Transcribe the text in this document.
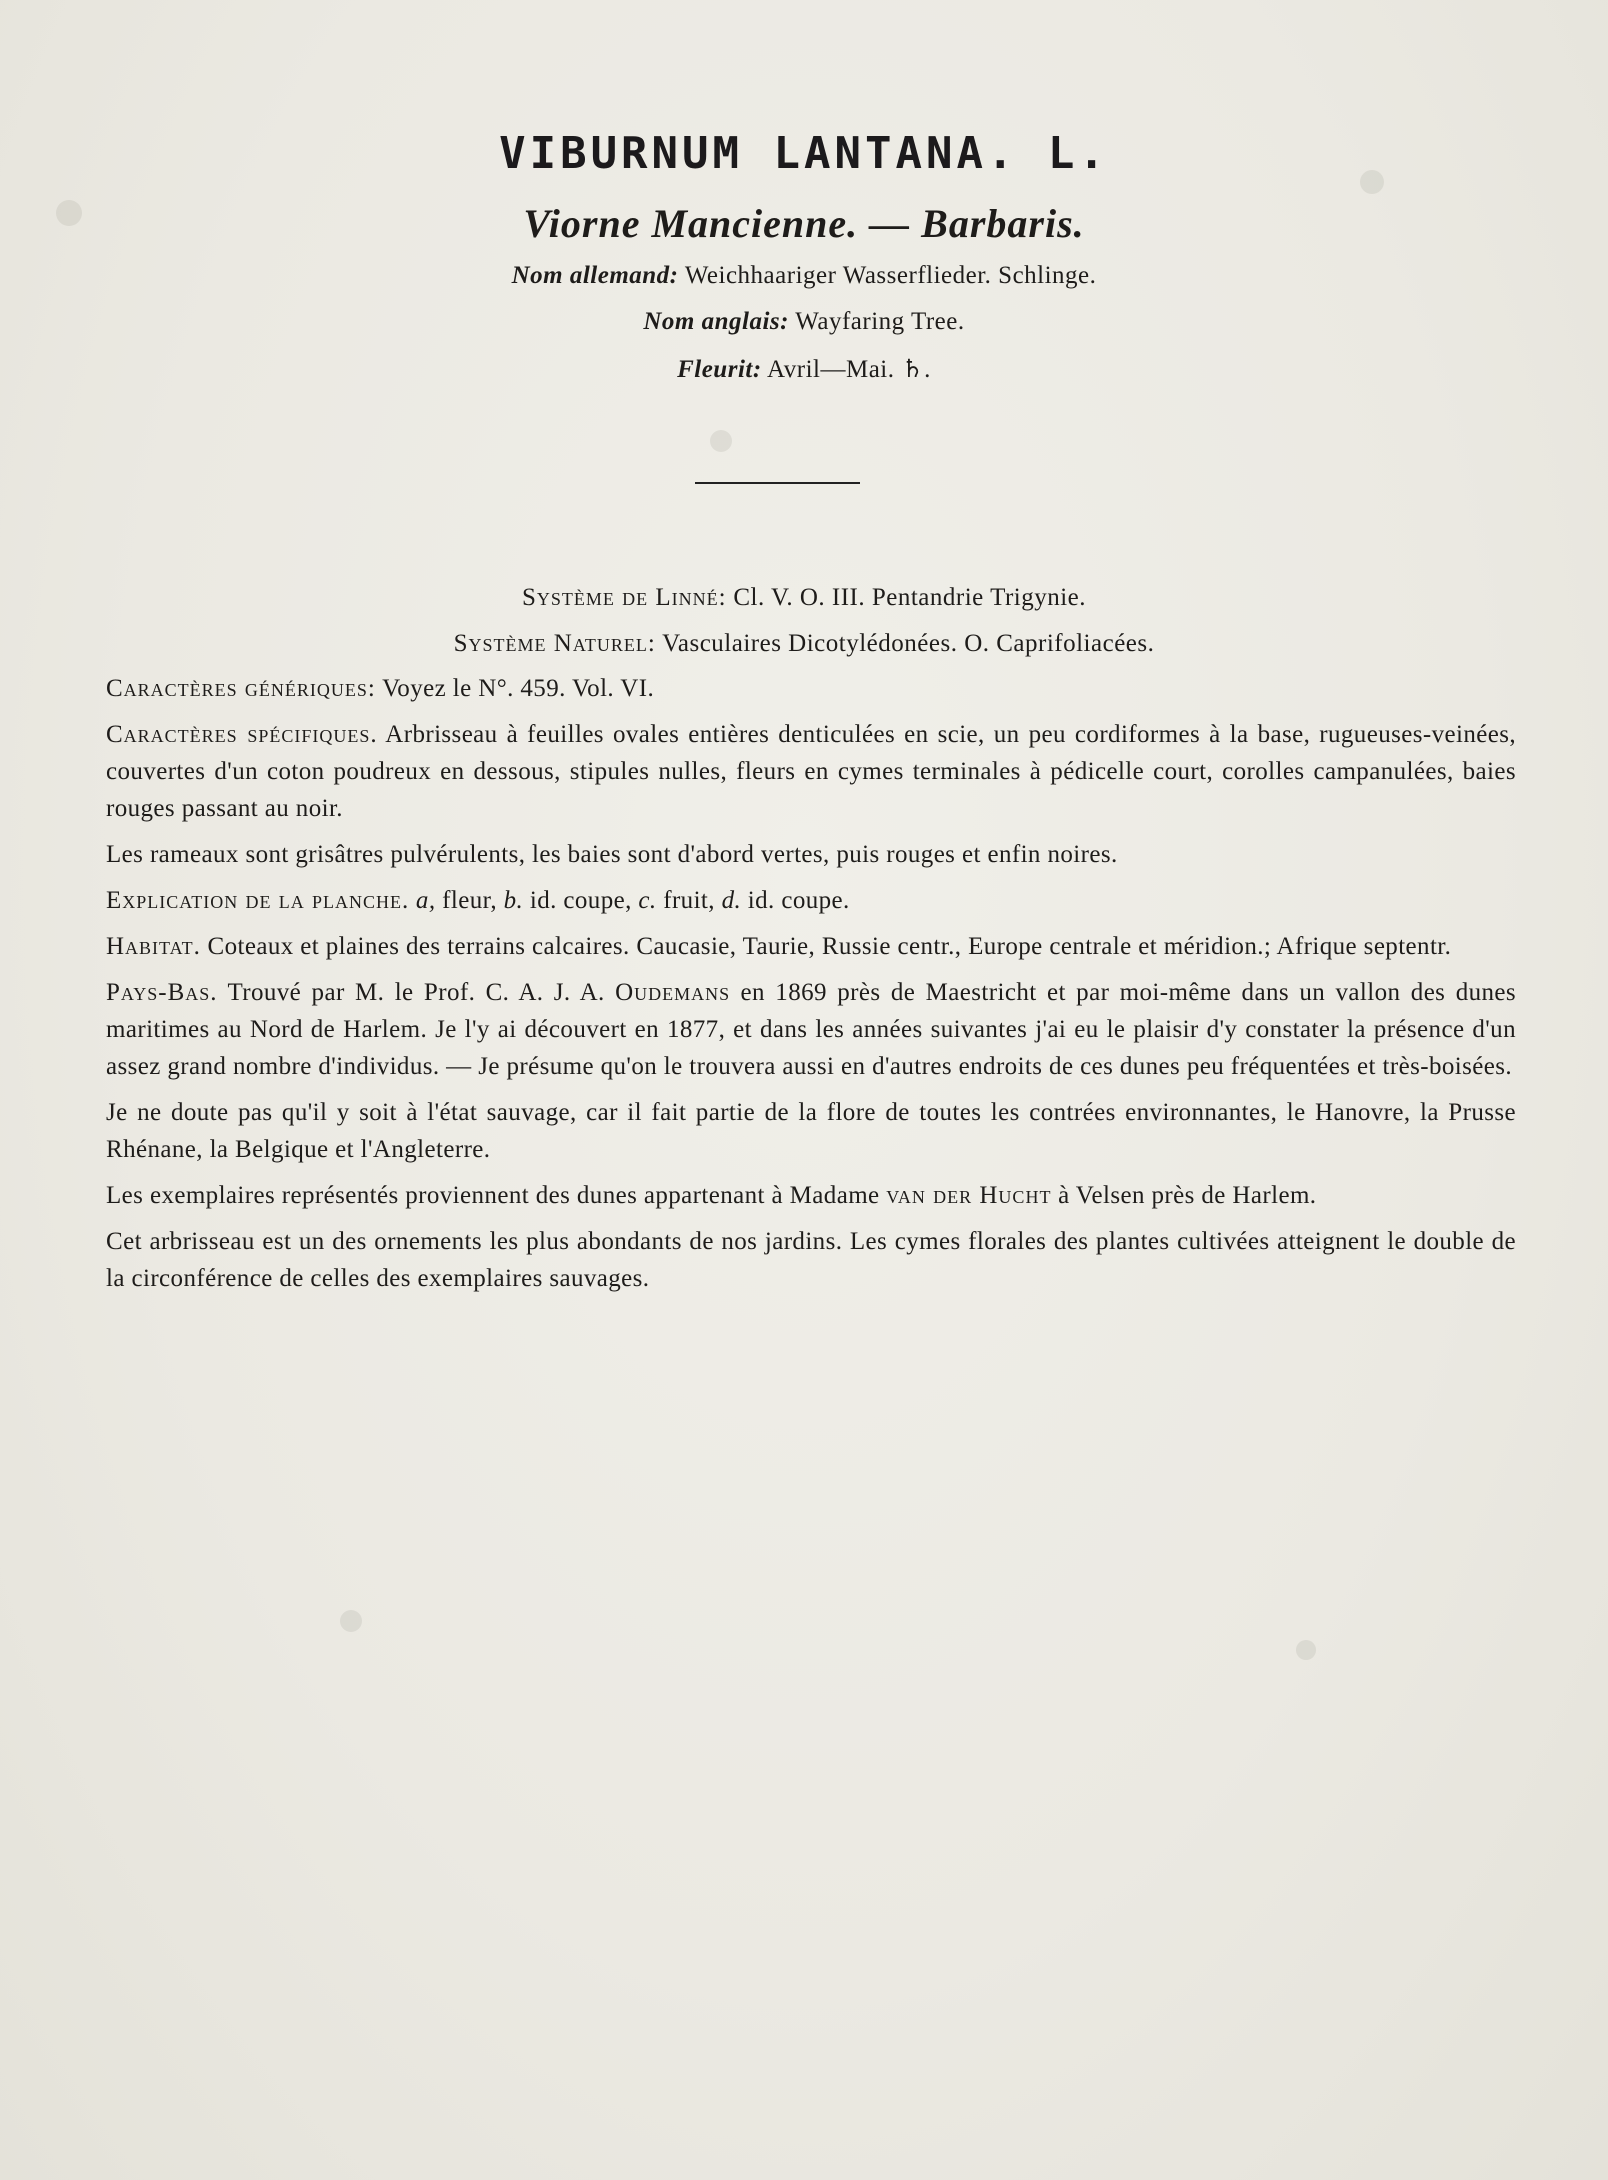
VIBURNUM LANTANA. L.
Viorne Mancienne. — Barbaris.
Nom allemand: Weichhaariger Wasserflieder. Schlinge.
Nom anglais: Wayfaring Tree.
Fleurit: Avril—Mai. ♄.
Système de Linné: Cl. V. O. III. Pentandrie Trigynie.
Système Naturel: Vasculaires Dicotylédonées. O. Caprifoliacées.

Caractères génériques: Voyez le N°. 459. Vol. VI.

Caractères spécifiques. Arbrisseau à feuilles ovales entières denticulées en scie, un peu cordiformes à la base, rugueuses-veinées, couvertes d'un coton poudreux en dessous, stipules nulles, fleurs en cymes terminales à pédicelle court, corolles campanulées, baies rouges passant au noir.

Les rameaux sont grisâtres pulvérulents, les baies sont d'abord vertes, puis rouges et enfin noires.

Explication de la planche. a, fleur, b. id. coupe, c. fruit, d. id. coupe.

Habitat. Coteaux et plaines des terrains calcaires. Caucasie, Taurie, Russie centr., Europe centrale et méridion.; Afrique septentr.

Pays-Bas. Trouvé par M. le Prof. C. A. J. A. Oudemans en 1869 près de Maestricht et par moi-même dans un vallon des dunes maritimes au Nord de Harlem. Je l'y ai découvert en 1877, et dans les années suivantes j'ai eu le plaisir d'y constater la présence d'un assez grand nombre d'individus. — Je présume qu'on le trouvera aussi en d'autres endroits de ces dunes peu fréquentées et très-boisées.

Je ne doute pas qu'il y soit à l'état sauvage, car il fait partie de la flore de toutes les contrées environnantes, le Hanovre, la Prusse Rhénane, la Belgique et l'Angleterre.

Les exemplaires représentés proviennent des dunes appartenant à Madame van der Hucht à Velsen près de Harlem.

Cet arbrisseau est un des ornements les plus abondants de nos jardins. Les cymes florales des plantes cultivées atteignent le double de la circonférence de celles des exemplaires sauvages.
